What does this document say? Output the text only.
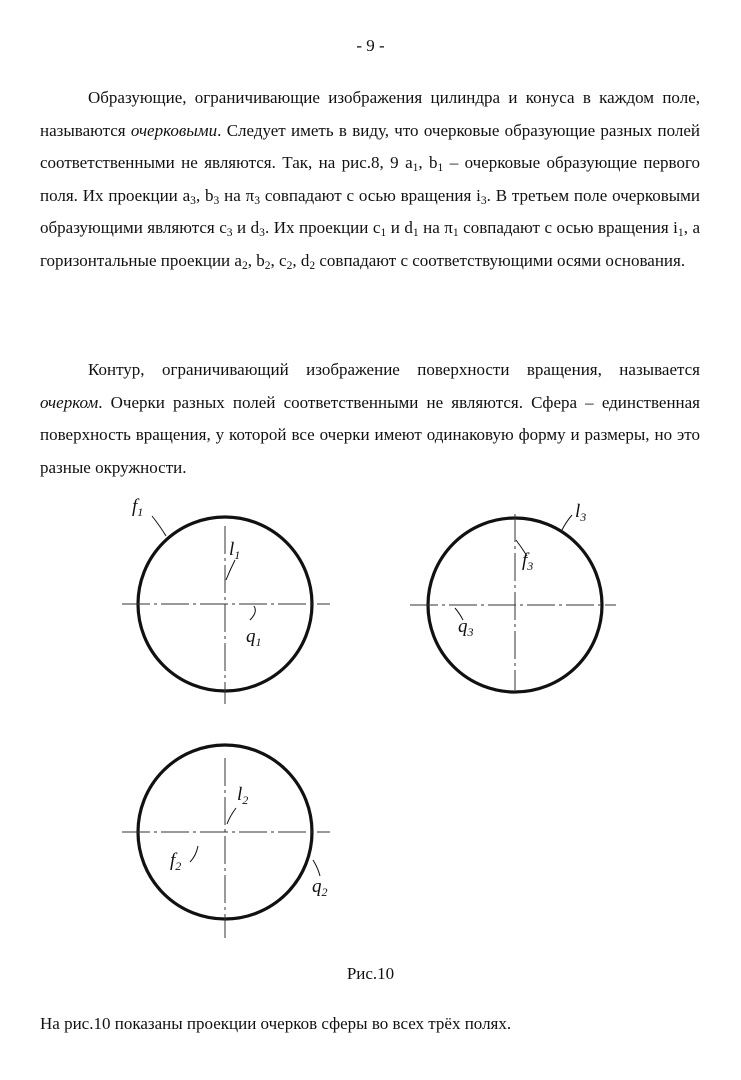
- 9 -

Образующие, ограничивающие изображения цилиндра и конуса в каждом поле, называются очерковыми. Следует иметь в виду, что очерковые образующие разных полей соответственными не являются. Так, на рис.8, 9 $a_1$, $b_1$ – очерковые образующие первого поля. Их проекции $a_3$, $b_3$ на $\pi_3$ совпадают с осью вращения $i_3$. В третьем поле очерковыми образующими являются $c_3$ и $d_3$. Их проекции $c_1$ и $d_1$ на $\pi_1$ совпадают с осью вращения $i_1$, а горизонтальные проекции $a_2$, $b_2$, $c_2$, $d_2$ совпадают с соответствующими осями основания.

Контур, ограничивающий изображение поверхности вращения, называется очерком. Очерки разных полей соответственными не являются. Сфера – единственная поверхность вращения, у которой все очерки имеют одинаковую форму и размеры, но это разные окружности.

$f_1$
$l_1$
$q_1$
$l_3$
$f_3$
$q_3$
$l_2$
$f_2$
$q_2$
Рис.10
На рис.10 показаны проекции очерков сферы во всех трёх полях.
